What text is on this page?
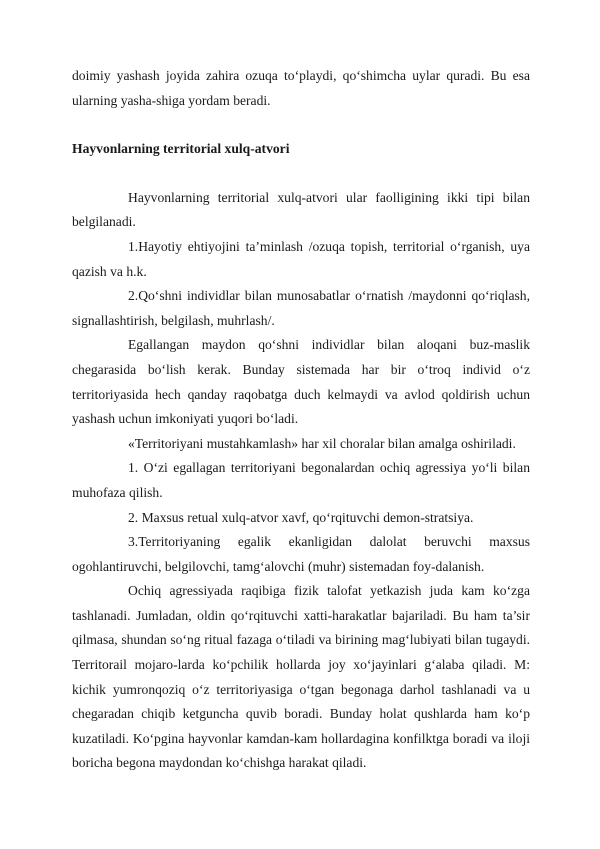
doimiy yashash joyida zahira ozuqa to‘playdi, qo‘shimcha uylar quradi. Bu esa ularning yasha-shiga yordam beradi.

Hayvonlarning territorial xulq-atvori

Hayvonlarning territorial xulq-atvori ular faolligining ikki tipi bilan belgilanadi.

1.Hayotiy ehtiyojini ta’minlash /ozuqa topish, territorial o‘rganish, uya qazish va h.k.

2.Qo‘shni individlar bilan munosabatlar o‘rnatish /maydonni qo‘riqlash, signallashtirish, belgilash, muhrlash/.

Egallangan maydon qo‘shni individlar bilan aloqani buz-maslik chegarasida bo‘lish kerak. Bunday sistemada har bir o‘troq individ o‘z territoriyasida hech qanday raqobatga duch kelmaydi va avlod qoldirish uchun yashash uchun imkoniyati yuqori bo‘ladi.

«Territoriyani mustahkamlash» har xil choralar bilan amalga oshiriladi.

1. O‘zi egallagan territoriyani begonalardan ochiq agressiya yo‘li bilan muhofaza qilish.

2. Maxsus retual xulq-atvor xavf, qo‘rqituvchi demon-stratsiya.

3.Territoriyaning egalik ekanligidan dalolat beruvchi maxsus ogohlantiruvchi, belgilovchi, tamg‘alovchi (muhr) sistemadan foy-dalanish.

Ochiq agressiyada raqibiga fizik talofat yetkazish juda kam ko‘zga tashlanadi. Jumladan, oldin qo‘rqituvchi xatti-harakatlar bajariladi. Bu ham ta’sir qilmasa, shundan so‘ng ritual fazaga o‘tiladi va birining mag‘lubiyati bilan tugaydi. Territorail mojaro-larda ko‘pchilik hollarda joy xo‘jayinlari g‘alaba qiladi. M: kichik yumronqoziq o‘z territoriyasiga o‘tgan begonaga darhol tashlanadi va u chegaradan chiqib ketguncha quvib boradi. Bunday holat qushlarda ham ko‘p kuzatiladi. Ko‘pgina hayvonlar kamdan-kam hollardagina konfilktga boradi va iloji boricha begona maydondan ko‘chishga harakat qiladi.
